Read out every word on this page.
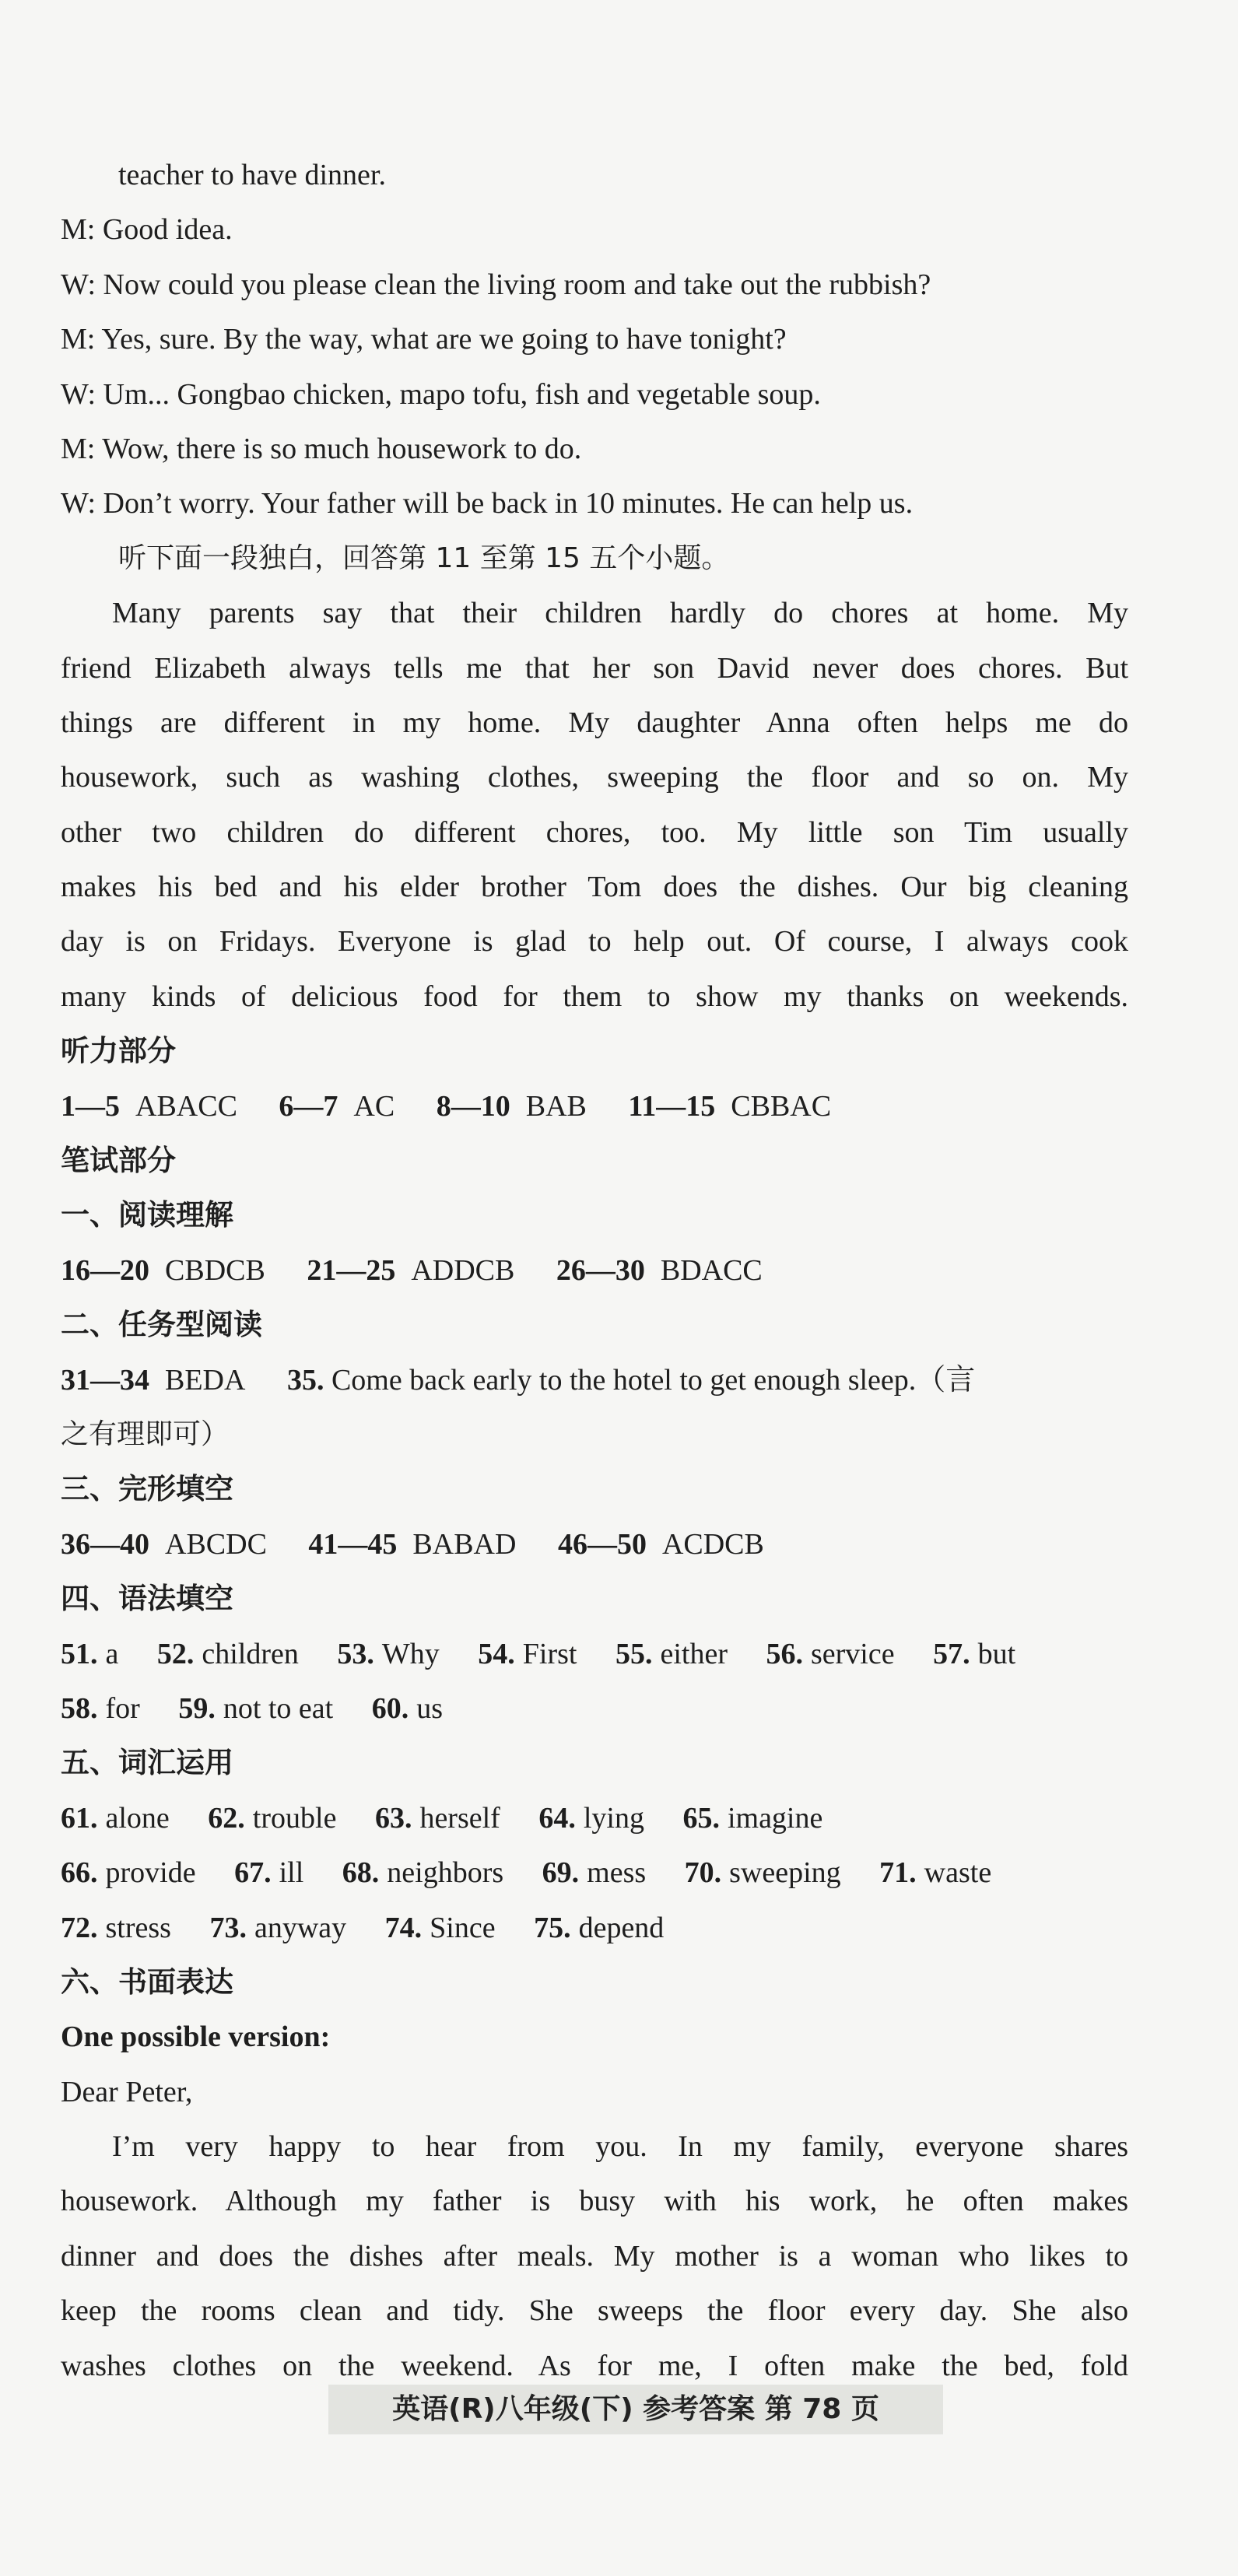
teacher to have dinner.
M: Good idea.
W: Now could you please clean the living room and take out the rubbish?
M: Yes, sure. By the way, what are we going to have tonight?
W: Um... Gongbao chicken, mapo tofu, fish and vegetable soup.
M: Wow, there is so much housework to do.
W: Don’t worry. Your father will be back in 10 minutes. He can help us.
听下面一段独白，回答第 11 至第 15 五个小题。
Many parents say that their children hardly do chores at home. My
friend Elizabeth always tells me that her son David never does chores. But
things are different in my home. My daughter Anna often helps me do
housework, such as washing clothes, sweeping the floor and so on. My
other two children do different chores, too. My little son Tim usually
makes his bed and his elder brother Tom does the dishes. Our big cleaning
day is on Fridays. Everyone is glad to help out. Of course, I always cook
many kinds of delicious food for them to show my thanks on weekends.
听力部分
1—5 ABACC 6—7 AC 8—10 BAB 11—15 CBBAC
笔试部分
一、阅读理解
16—20 CBDCB 21—25 ADDCB 26—30 BDACC
二、任务型阅读
31—34 BEDA 35. Come back early to the hotel to get enough sleep.（言
之有理即可）
三、完形填空
36—40 ABCDC 41—45 BABAD 46—50 ACDCB
四、语法填空
51. a 52. children 53. Why 54. First 55. either 56. service 57. but
58. for 59. not to eat 60. us
五、词汇运用
61. alone 62. trouble 63. herself 64. lying 65. imagine
66. provide 67. ill 68. neighbors 69. mess 70. sweeping 71. waste
72. stress 73. anyway 74. Since 75. depend
六、书面表达
One possible version:
Dear Peter,
I’m very happy to hear from you. In my family, everyone shares
housework. Although my father is busy with his work, he often makes
dinner and does the dishes after meals. My mother is a woman who likes to
keep the rooms clean and tidy. She sweeps the floor every day. She also
washes clothes on the weekend. As for me, I often make the bed, fold
英语(R)八年级(下) 参考答案 第 78 页
